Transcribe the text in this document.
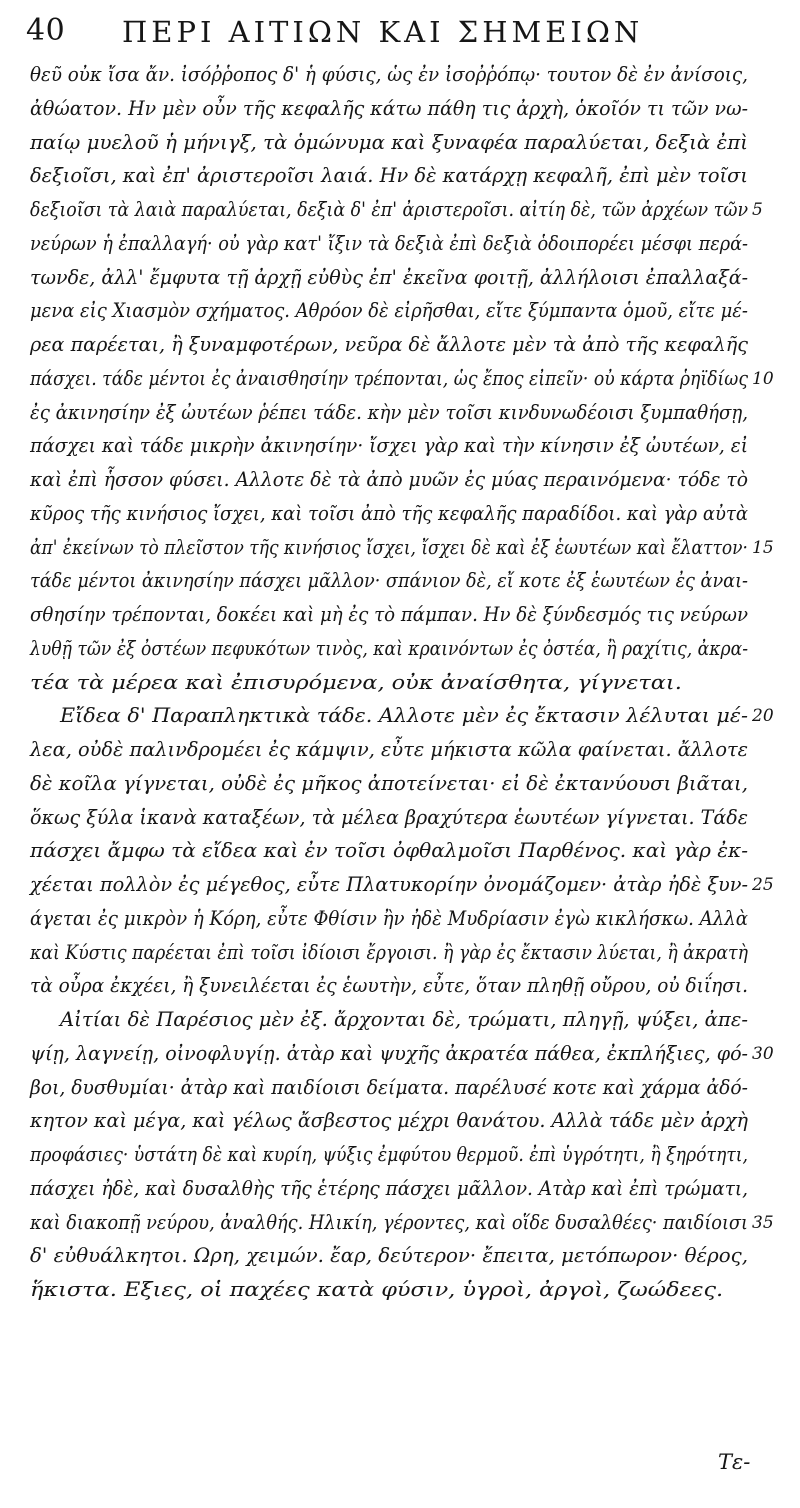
40 ΠΕΡΙ ΑΙΤΙΩΝ ΚΑΙ ΣΗΜΕΙΩΝ
θεῦ οὐκ ἴσα ἄν. ἰσόῤῥοπος δ' ἡ φύσις, ὡς ἐν ἰσοῤῥόπῳ· τουτον δὲ ἐν ἀνίσοις,
ἀθώατον. Ην μὲν οὖν τῆς κεφαλῆς κάτω πάθη τις ἀρχὴ, ὁκοῖόν τι τῶν νω-
παίῳ μυελοῦ ἡ μήνιγξ, τὰ ὁμώνυμα καὶ ξυναφέα παραλύεται, δεξιὰ ἐπὶ
δεξιοῖσι, καὶ ἐπ' ἀριστεροῖσι λαιά. Ην δὲ κατάρχῃ κεφαλῆ, ἐπὶ μὲν τοῖσι
δεξιοῖσι τὰ λαιὰ παραλύεται, δεξιὰ δ' ἐπ' ἀριστεροῖσι. αἰτίη δὲ, τῶν ἀρχέων τῶν 5
νεύρων ἡ ἐπαλλαγή· οὐ γὰρ κατ' ἴξιν τὰ δεξιὰ ἐπὶ δεξιὰ ὁδοιπορέει μέσφι περά-
τωνδε, ἀλλ' ἔμφυτα τῇ ἀρχῇ εὐθὺς ἐπ' ἐκεῖνα φοιτῇ, ἀλλήλοισι ἐπαλλαξά-
μενα εἰς Χιασμὸν σχήματος. Αθρόον δὲ εἰρῆσθαι, εἴτε ξύμπαντα ὁμοῦ, εἴτε μέ-
ρεα παρέεται, ἢ ξυναμφοτέρων, νεῦρα δὲ ἄλλοτε μὲν τὰ ἀπὸ τῆς κεφαλῆς
πάσχει. τάδε μέντοι ἐς ἀναισθησίην τρέπονται, ὡς ἔπος εἰπεῖν· οὐ κάρτα ῥηϊδίως 10
ἐς ἀκινησίην ἐξ ὠυτέων ῥέπει τάδε. κὴν μὲν τοῖσι κινδυνωδέοισι ξυμπαθήσῃ,
πάσχει καὶ τάδε μικρὴν ἀκινησίην· ἴσχει γὰρ καὶ τὴν κίνησιν ἐξ ὠυτέων, εἰ
καὶ ἐπὶ ἧσσον φύσει. Αλλοτε δὲ τὰ ἀπὸ μυῶν ἐς μύας περαινόμενα· τόδε τὸ
κῦρος τῆς κινήσιος ἴσχει, καὶ τοῖσι ἀπὸ τῆς κεφαλῆς παραδίδοι. καὶ γὰρ αὐτὰ
ἀπ' ἐκείνων τὸ πλεῖστον τῆς κινήσιος ἴσχει, ἴσχει δὲ καὶ ἐξ ἑωυτέων καὶ ἔλαττον· 15
τάδε μέντοι ἀκινησίην πάσχει μᾶλλον· σπάνιον δὲ, εἴ κοτε ἐξ ἑωυτέων ἐς ἀναι-
σθησίην τρέπονται, δοκέει καὶ μὴ ἐς τὸ πάμπαν. Ην δὲ ξύνδεσμός τις νεύρων
λυθῇ τῶν ἐξ ὀστέων πεφυκότων τινὸς, καὶ κραινόντων ἐς ὀστέα, ἢ ραχίτις, ἀκρα-
τέα τὰ μέρεα καὶ ἐπισυρόμενα, οὐκ ἀναίσθητα, γίγνεται.
Εἴδεα δ' Παραπληκτικὰ τάδε. Αλλοτε μὲν ἐς ἔκτασιν λέλυται μέ- 20
λεα, οὐδὲ παλινδρομέει ἐς κάμψιν, εὖτε μήκιστα κῶλα φαίνεται. ἄλλοτε
δὲ κοῖλα γίγνεται, οὐδὲ ἐς μῆκος ἀποτείνεται· εἰ δὲ ἐκτανύουσι βιᾶται,
ὅκως ξύλα ἱκανὰ καταξέων, τὰ μέλεα βραχύτερα ἑωυτέων γίγνεται. Τάδε
πάσχει ἄμφω τὰ εἴδεα καὶ ἐν τοῖσι ὀφθαλμοῖσι Παρθένος. καὶ γὰρ ἐκ-
χέεται πολλὸν ἐς μέγεθος, εὖτε Πλατυκορίην ὀνομάζομεν· ἀτὰρ ἠδὲ ξυν- 25
άγεται ἐς μικρὸν ἡ Κόρη, εὖτε Φθίσιν ἢν ἠδὲ Μυδρίασιν ἐγὼ κικλήσκω. Αλλὰ
καὶ Κύστις παρέεται ἐπὶ τοῖσι ἰδίοισι ἔργοισι. ἢ γὰρ ἐς ἔκτασιν λύεται, ἢ ἀκρατὴ
τὰ οὖρα ἐκχέει, ἢ ξυνειλέεται ἐς ἑωυτὴν, εὖτε, ὅταν πληθῇ οὔρου, οὐ διΐησι.
Αἰτίαι δὲ Παρέσιος μὲν ἐξ. ἄρχονται δὲ, τρώματι, πληγῇ, ψύξει, ἀπε-
ψίῃ, λαγνείῃ, οἰνοφλυγίῃ. ἀτὰρ καὶ ψυχῆς ἀκρατέα πάθεα, ἐκπλήξιες, φό- 30
βοι, δυσθυμίαι· ἀτὰρ καὶ παιδίοισι δείματα. παρέλυσέ κοτε καὶ χάρμα ἀδό-
κητον καὶ μέγα, καὶ γέλως ἄσβεστος μέχρι θανάτου. Αλλὰ τάδε μὲν ἀρχὴ
προφάσιες· ὑστάτη δὲ καὶ κυρίη, ψύξις ἐμφύτου θερμοῦ. ἐπὶ ὑγρότητι, ἢ ξηρότητι,
πάσχει ἠδὲ, καὶ δυσαλθὴς τῆς ἑτέρης πάσχει μᾶλλον. Ατὰρ καὶ ἐπὶ τρώματι,
καὶ διακοπῇ νεύρου, ἀναλθής. Ηλικίη, γέροντες, καὶ οἵδε δυσαλθέες· παιδίοισι 35
δ' εὐθυάλκητοι. Ωρη, χειμών. ἔαρ, δεύτερον· ἔπειτα, μετόπωρον· θέρος,
ἥκιστα. Εξιες, οἱ παχέες κατὰ φύσιν, ὑγροὶ, ἀργοὶ, ζωώδεες.
Τε-
